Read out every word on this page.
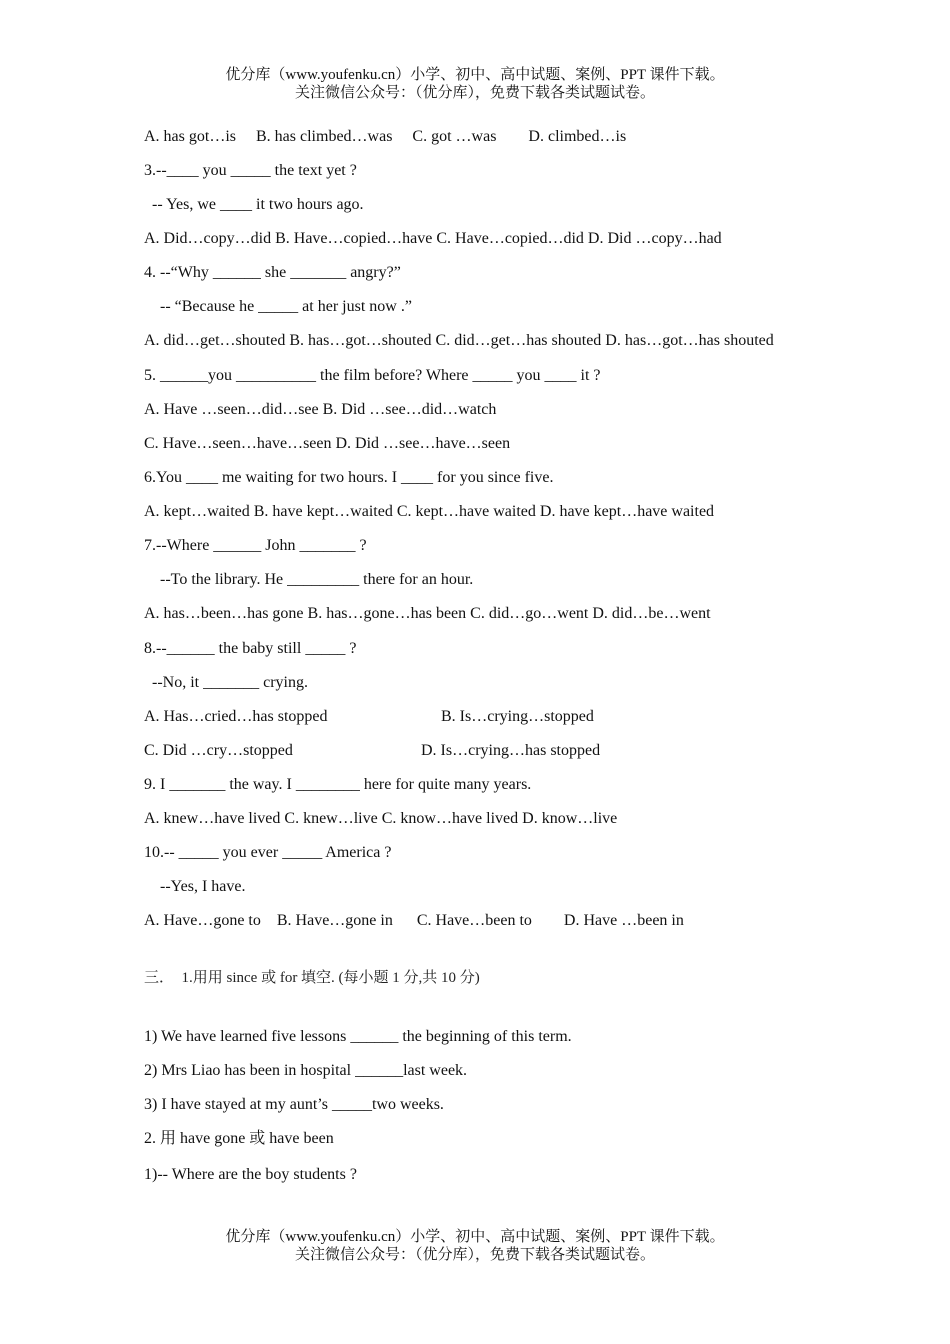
优分库（www.youfenku.cn）小学、初中、高中试题、案例、PPT 课件下载。
关注微信公众号：（优分库），免费下载各类试题试卷。
A. has got…is     B. has climbed…was     C. got …was        D. climbed…is
3.--____ you _____ the text yet ?
-- Yes, we ____ it two hours ago.
A. Did…copy…did B. Have…copied…have C. Have…copied…did D. Did …copy…had
4. --“Why ______ she _______ angry?”
-- “Because he _____ at her just now .”
A. did…get…shouted B. has…got…shouted C. did…get…has shouted D. has…got…has shouted
5. ______you __________ the film before? Where _____ you ____ it ?
A. Have …seen…did…see B. Did …see…did…watch
C. Have…seen…have…seen D. Did …see…have…seen
6.You ____ me waiting for two hours. I ____ for you since five.
A. kept…waited B. have kept…waited C. kept…have waited D. have kept…have waited
7.--Where ______ John _______ ?
--To the library. He _________ there for an hour.
A. has…been…has gone B. has…gone…has been C. did…go…went D. did…be…went
8.--______ the baby still _____ ?
--No, it _______ crying.
A. Has…cried…has stopped	B. Is…crying…stopped
C. Did …cry…stopped	D. Is…crying…has stopped
9. I _______ the way. I ________ here for quite many years.
A. knew…have lived C. knew…live C. know…have lived D. know…live
10.-- _____ you ever _____ America ?
--Yes, I have.
A. Have…gone to    B. Have…gone in      C. Have…been to        D. Have …been in
三．  1.用用 since 或 for 填空. (每小题 1 分,共 10 分)
1) We have learned five lessons ______ the beginning of this term.
2) Mrs Liao has been in hospital ______last week.
3) I have stayed at my aunt’s _____two weeks.
2. 用 have gone 或 have been
1)-- Where are the boy students ?
优分库（www.youfenku.cn）小学、初中、高中试题、案例、PPT 课件下载。
关注微信公众号：（优分库），免费下载各类试题试卷。
